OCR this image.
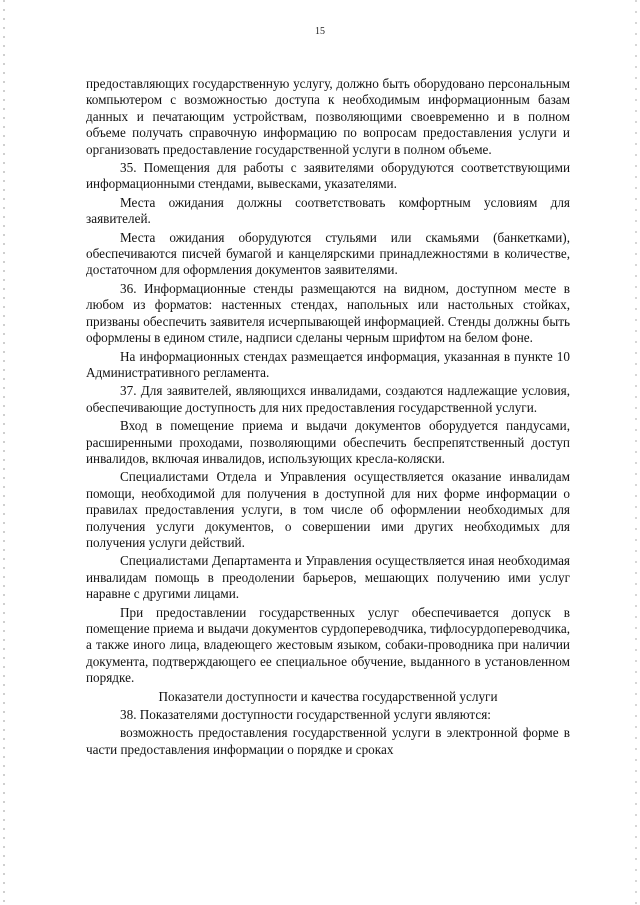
15

предоставляющих государственную услугу, должно быть оборудовано персональным компьютером с возможностью доступа к необходимым информационным базам данных и печатающим устройствам, позволяющими своевременно и в полном объеме получать справочную информацию по вопросам предоставления услуги и организовать предоставление государственной услуги в полном объеме.

35. Помещения для работы с заявителями оборудуются соответствующими информационными стендами, вывесками, указателями.

Места ожидания должны соответствовать комфортным условиям для заявителей.

Места ожидания оборудуются стульями или скамьями (банкетками), обеспечиваются писчей бумагой и канцелярскими принадлежностями в количестве, достаточном для оформления документов заявителями.

36. Информационные стенды размещаются на видном, доступном месте в любом из форматов: настенных стендах, напольных или настольных стойках, призваны обеспечить заявителя исчерпывающей информацией. Стенды должны быть оформлены в едином стиле, надписи сделаны черным шрифтом на белом фоне.

На информационных стендах размещается информация, указанная в пункте 10 Административного регламента.

37. Для заявителей, являющихся инвалидами, создаются надлежащие условия, обеспечивающие доступность для них предоставления государственной услуги.

Вход в помещение приема и выдачи документов оборудуется пандусами, расширенными проходами, позволяющими обеспечить беспрепятственный доступ инвалидов, включая инвалидов, использующих кресла-коляски.

Специалистами Отдела и Управления осуществляется оказание инвалидам помощи, необходимой для получения в доступной для них форме информации о правилах предоставления услуги, в том числе об оформлении необходимых для получения услуги документов, о совершении ими других необходимых для получения услуги действий.

Специалистами Департамента и Управления осуществляется иная необходимая инвалидам помощь в преодолении барьеров, мешающих получению ими услуг наравне с другими лицами.

При предоставлении государственных услуг обеспечивается допуск в помещение приема и выдачи документов сурдопереводчика, тифлосурдопереводчика, а также иного лица, владеющего жестовым языком, собаки-проводника при наличии документа, подтверждающего ее специальное обучение, выданного в установленном порядке.

Показатели доступности и качества государственной услуги

38. Показателями доступности государственной услуги являются:

возможность предоставления государственной услуги в электронной форме в части предоставления информации о порядке и сроках
